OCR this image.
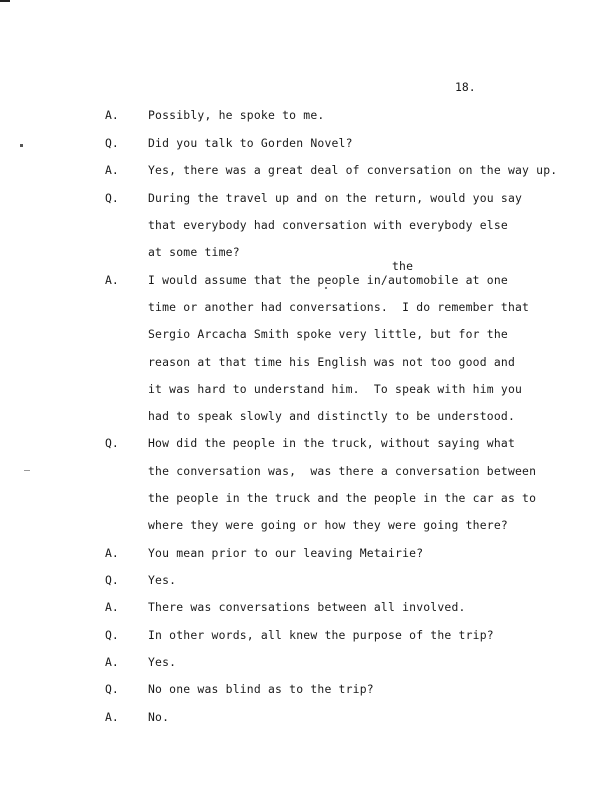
18.
A.	Possibly, he spoke to me.
Q.	Did you talk to Gorden Novel?
A.	Yes, there was a great deal of conversation on the way up.
Q.	During the travel up and on the return, would you say
that everybody had conversation with everybody else
at some time?
the
A.	I would assume that the people in/automobile at one
time or another had conversations.  I do remember that
Sergio Arcacha Smith spoke very little, but for the
reason at that time his English was not too good and
it was hard to understand him.  To speak with him you
had to speak slowly and distinctly to be understood.
Q.	How did the people in the truck, without saying what
the conversation was,  was there a conversation between
the people in the truck and the people in the car as to
where they were going or how they were going there?
A.	You mean prior to our leaving Metairie?
Q.	Yes.
A.	There was conversations between all involved.
Q.	In other words, all knew the purpose of the trip?
A.	Yes.
Q.	No one was blind as to the trip?
A.	No.
